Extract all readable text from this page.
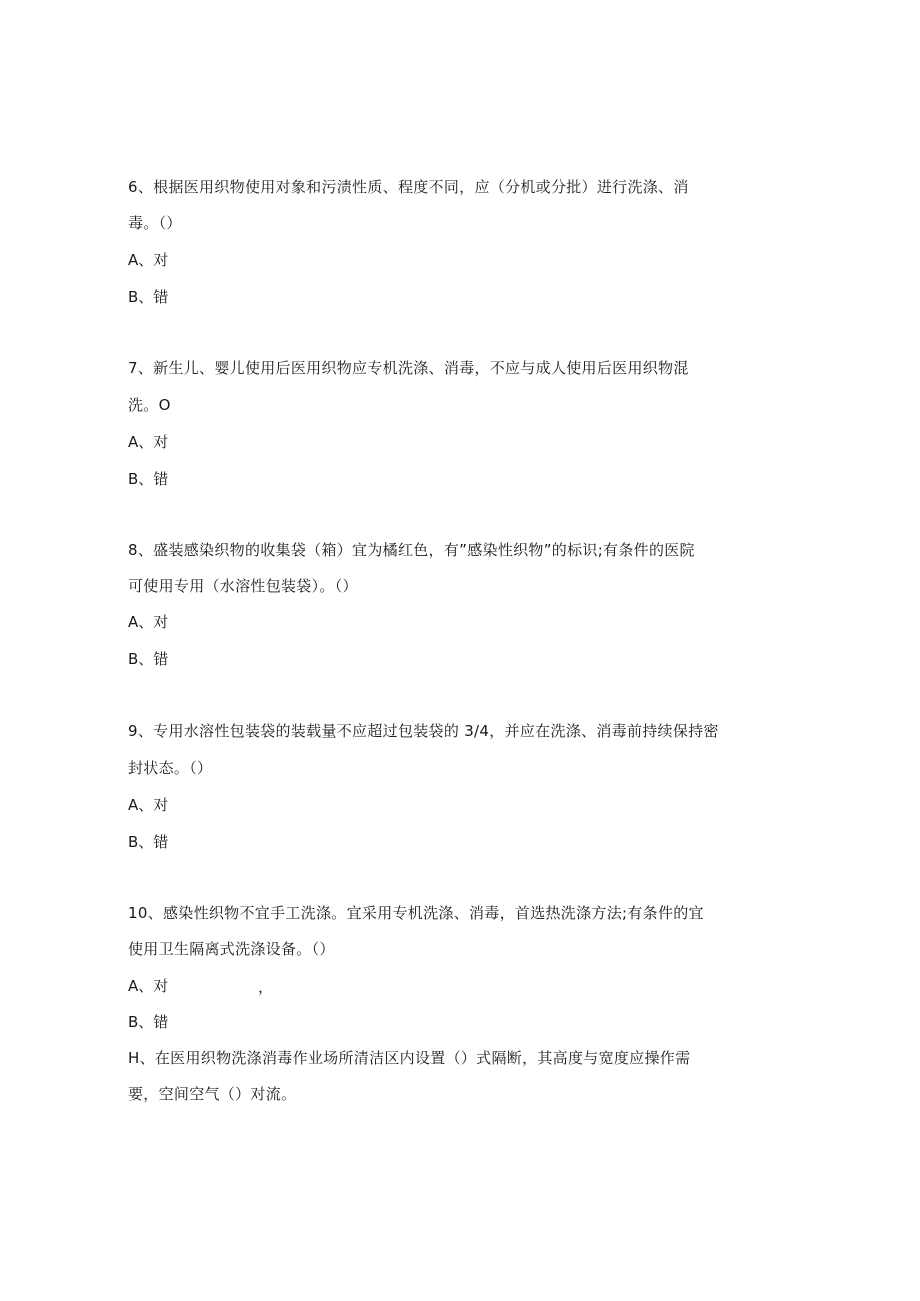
6、根据医用织物使用对象和污渍性质、程度不同，应（分机或分批）进行洗涤、消
毒。（）
A、对
B、错
7、新生儿、婴儿使用后医用织物应专机洗涤、消毒，不应与成人使用后医用织物混
洗。O
A、对
B、错
8、盛装感染织物的收集袋（箱）宜为橘红色，有”感染性织物”的标识;有条件的医院
可使用专用（水溶性包装袋）。（）
A、对
B、错
9、专用水溶性包装袋的装载量不应超过包装袋的 3/4，并应在洗涤、消毒前持续保持密
封状态。（）
A、对
B、错
10、感染性织物不宜手工洗涤。宜采用专机洗涤、消毒，首选热洗涤方法;有条件的宜
使用卫生隔离式洗涤设备。（）
A、对	，
B、错
H、在医用织物洗涤消毒作业场所清洁区内设置（）式隔断，其高度与宽度应操作需
要，空间空气（）对流。
